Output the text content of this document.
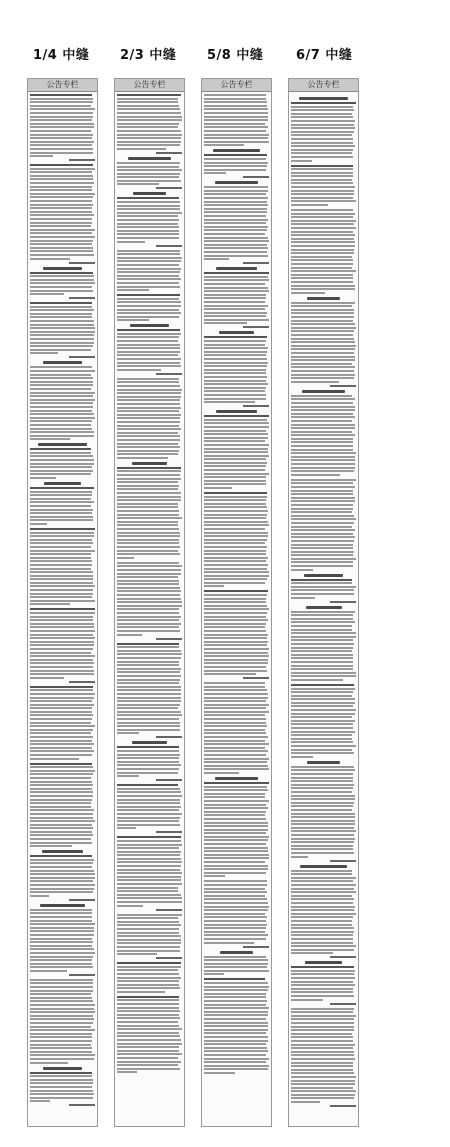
1/4 中缝 2/3 中缝 5/8 中缝	6/7 中缝
公告专栏	公告专栏	公告专栏	公告专栏
